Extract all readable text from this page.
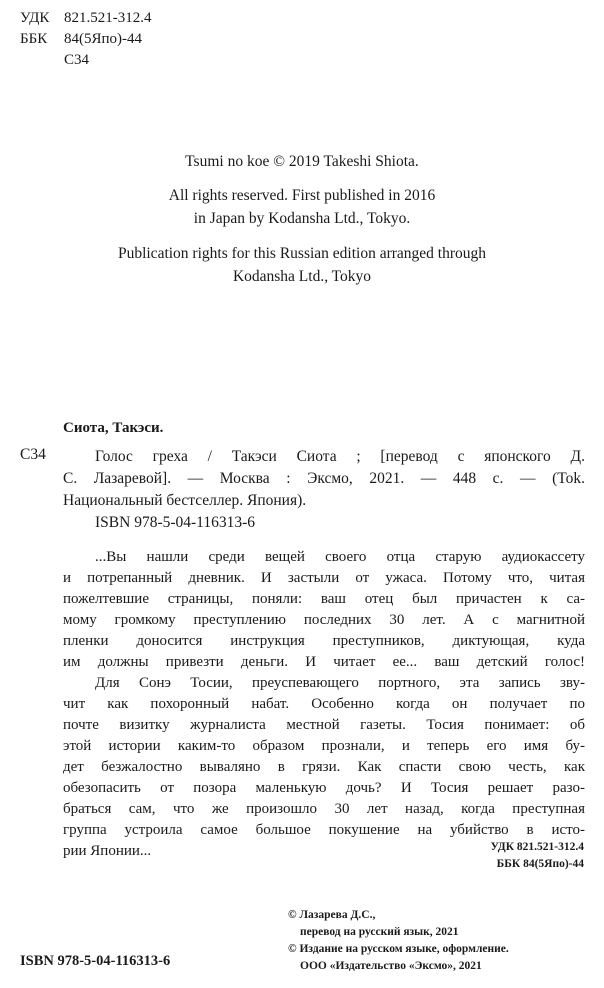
УДК 821.521-312.4
ББК 84(5Япо)-44
С34
Tsumi no koe © 2019 Takeshi Shiota.
All rights reserved. First published in 2016
in Japan by Kodansha Ltd., Tokyo.
Publication rights for this Russian edition arranged through
Kodansha Ltd., Tokyo
Сиота, Такэси.
С34	Голос греха / Такэси Сиота ; [перевод с японского Д.
С. Лазаревой]. — Москва : Эксмо, 2021. — 448 с. — (Tok.
Национальный бестселлер. Япония).
ISBN 978-5-04-116313-6
...Вы нашли среди вещей своего отца старую аудиокассету
и потрепанный дневник. И застыли от ужаса. Потому что, читая
пожелтевшие страницы, поняли: ваш отец был причастен к са-
мому громкому преступлению последних 30 лет. А с магнитной
пленки доносится инструкция преступников, диктующая, куда
им должны привезти деньги. И читает ее... ваш детский голос!
Для Сонэ Тосии, преуспевающего портного, эта запись зву-
чит как похоронный набат. Особенно когда он получает по
почте визитку журналиста местной газеты. Тосия понимает: об
этой истории каким-то образом прознали, и теперь его имя бу-
дет безжалостно вываляно в грязи. Как спасти свою честь, как
обезопасить от позора маленькую дочь? И Тосия решает разо-
браться сам, что же произошло 30 лет назад, когда преступная
группа устроила самое большое покушение на убийство в исто-
рии Японии...	УДК 821.521-312.4
ББК 84(5Япо)-44
© Лазарева Д.С.,
перевод на русский язык, 2021
© Издание на русском языке, оформление.
ООО «Издательство «Эксмо», 2021
ISBN 978-5-04-116313-6
